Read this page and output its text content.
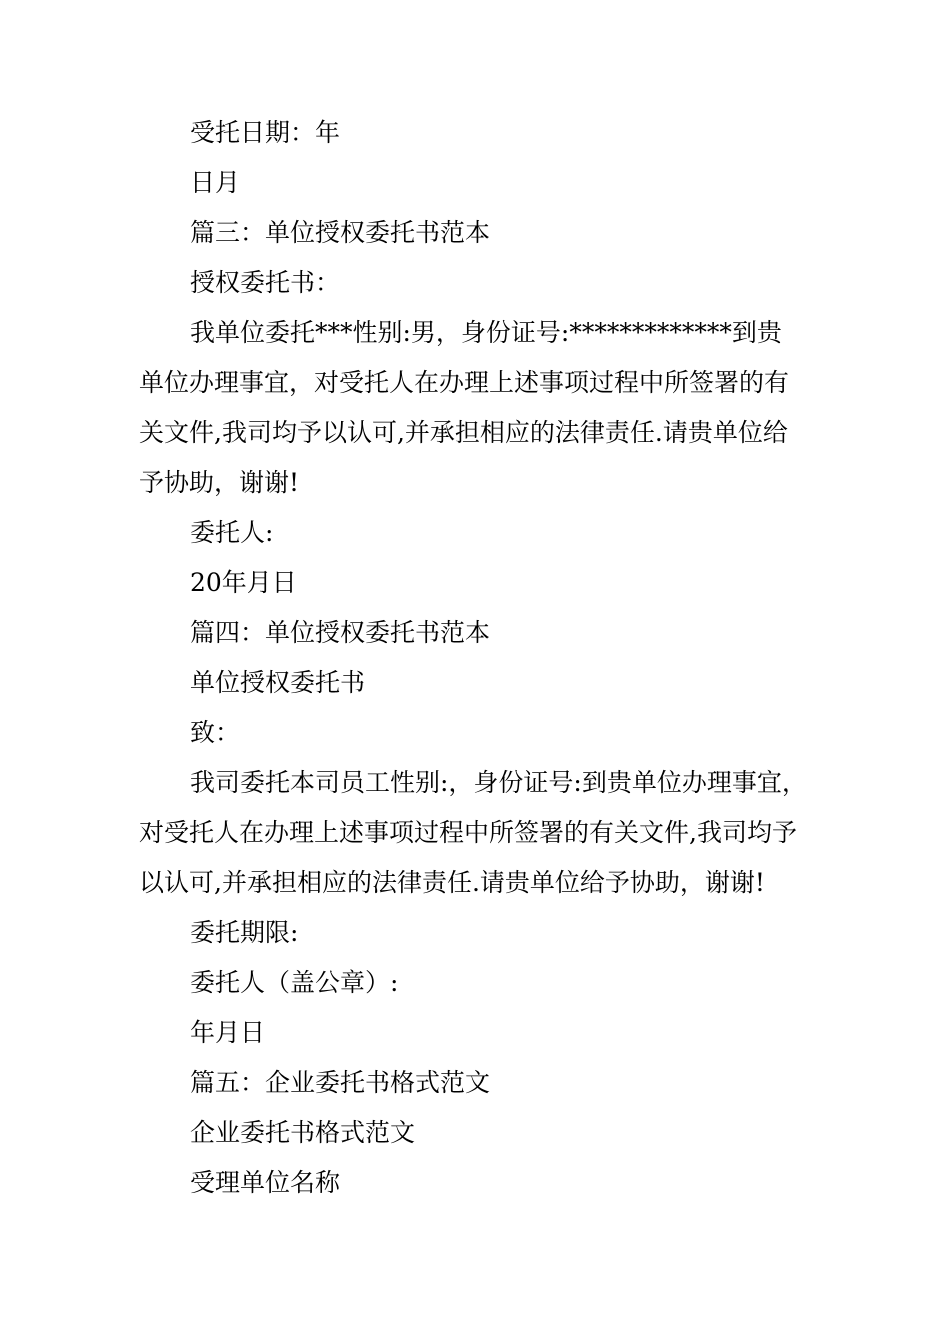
受托日期：年
日月
篇三：单位授权委托书范本
授权委托书：
我单位委托***性别:男，身份证号:*************到贵
单位办理事宜，对受托人在办理上述事项过程中所签署的有
关文件,我司均予以认可,并承担相应的法律责任.请贵单位给
予协助，谢谢!
委托人:
20年月日
篇四：单位授权委托书范本
单位授权委托书
致：
我司委托本司员工性别:，身份证号:到贵单位办理事宜，
对受托人在办理上述事项过程中所签署的有关文件,我司均予
以认可,并承担相应的法律责任.请贵单位给予协助，谢谢!
委托期限:
委托人（盖公章）:
年月日
篇五：企业委托书格式范文
企业委托书格式范文
受理单位名称
